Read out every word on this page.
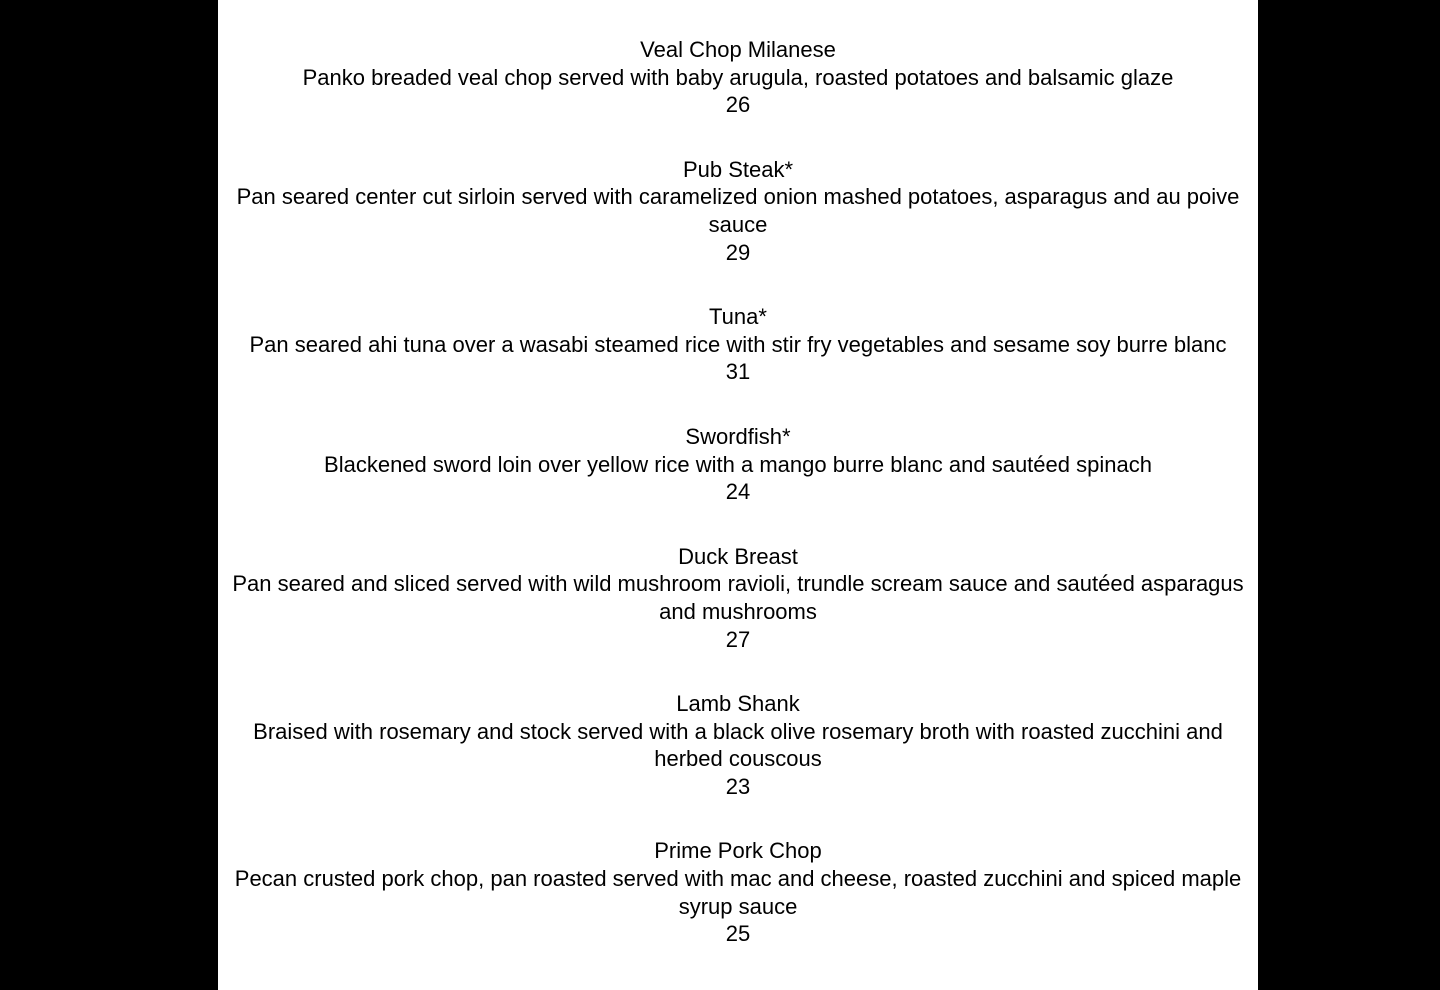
Veal Chop Milanese
Panko breaded veal chop served with baby arugula, roasted potatoes and balsamic glaze
26
Pub Steak*
Pan seared center cut sirloin served with caramelized onion mashed potatoes, asparagus and au poive sauce
29
Tuna*
Pan seared ahi tuna over a wasabi steamed rice with stir fry vegetables and sesame soy burre blanc
31
Swordfish*
Blackened sword loin over yellow rice with a mango burre blanc and sautéed spinach
24
Duck Breast
Pan seared and sliced served with wild mushroom ravioli, trundle scream sauce and sautéed asparagus and mushrooms
27
Lamb Shank
Braised with rosemary and stock served with a black olive rosemary broth with roasted zucchini and herbed couscous
23
Prime Pork Chop
Pecan crusted pork chop, pan roasted served with mac and cheese, roasted zucchini and spiced maple syrup sauce
25
